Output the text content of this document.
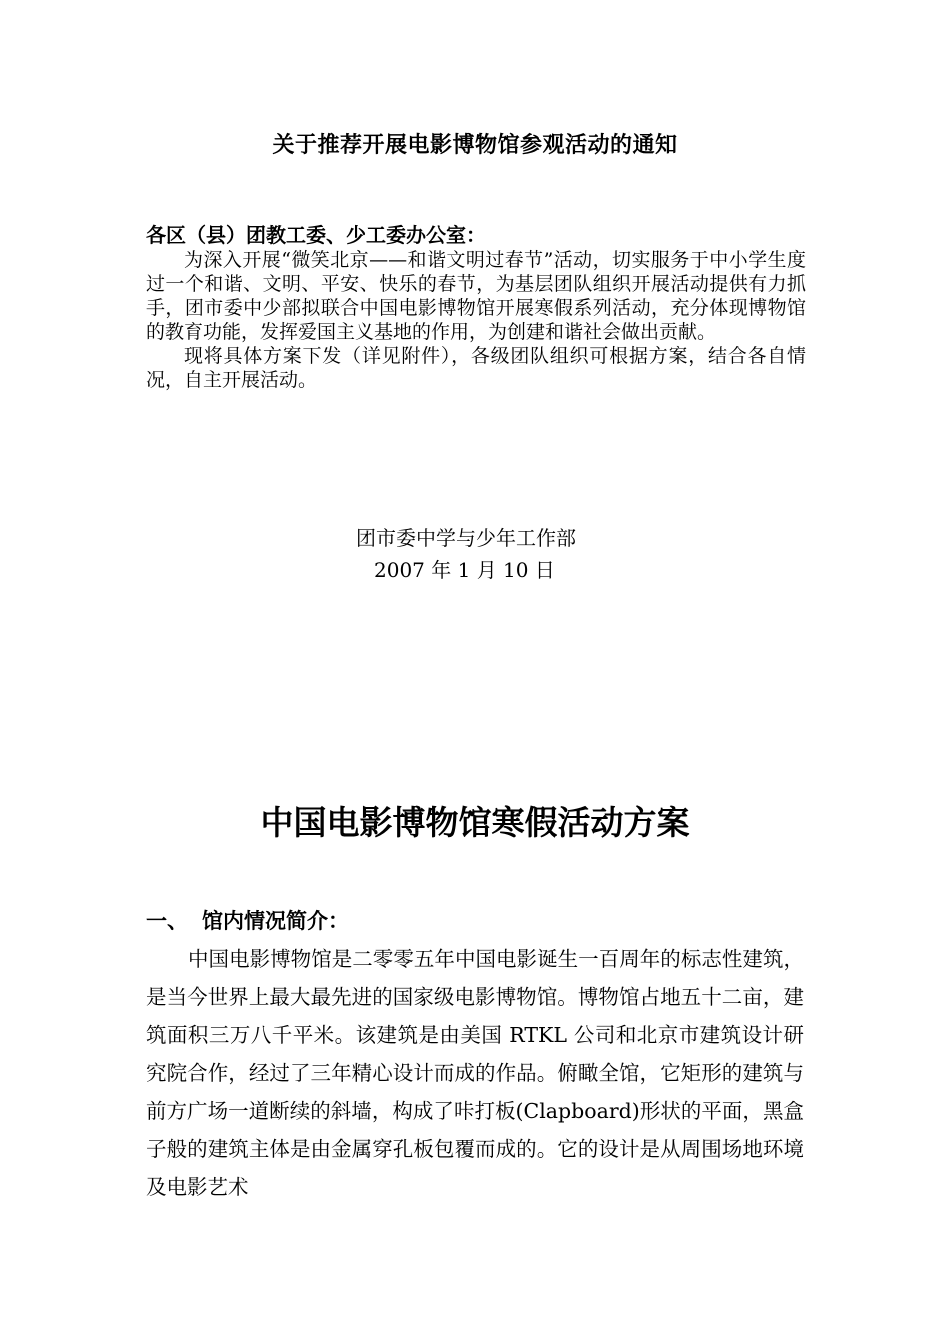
关于推荐开展电影博物馆参观活动的通知
各区（县）团教工委、少工委办公室：

为深入开展“微笑北京——和谐文明过春节”活动，切实服务于中小学生度过一个和谐、文明、平安、快乐的春节，为基层团队组织开展活动提供有力抓手，团市委中少部拟联合中国电影博物馆开展寒假系列活动，充分体现博物馆的教育功能，发挥爱国主义基地的作用，为创建和谐社会做出贡献。

现将具体方案下发（详见附件），各级团队组织可根据方案，结合各自情况，自主开展活动。

团市委中学与少年工作部
2007 年 1 月 10 日
中国电影博物馆寒假活动方案
一、 馆内情况简介：

中国电影博物馆是二零零五年中国电影诞生一百周年的标志性建筑，是当今世界上最大最先进的国家级电影博物馆。博物馆占地五十二亩，建筑面积三万八千平米。该建筑是由美国 RTKL 公司和北京市建筑设计研究院合作，经过了三年精心设计而成的作品。俯瞰全馆，它矩形的建筑与前方广场一道断续的斜墙，构成了咔打板(Clapboard)形状的平面，黑盒子般的建筑主体是由金属穿孔板包覆而成的。它的设计是从周围场地环境及电影艺术
